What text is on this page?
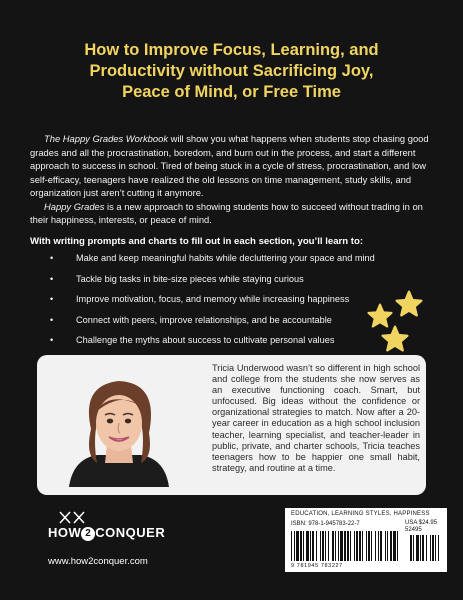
How to Improve Focus, Learning, and
Productivity without Sacrificing Joy,
Peace of Mind, or Free Time

The Happy Grades Workbook will show you what happens when students stop chasing good grades and all the procrastination, boredom, and burn out in the process, and start a different approach to success in school. Tired of being stuck in a cycle of stress, procrastination, and low self-efficacy, teenagers have realized the old lessons on time management, study skills, and organization just aren’t cutting it anymore.

Happy Grades is a new approach to showing students how to succeed without trading in on their happiness, interests, or peace of mind.

With writing prompts and charts to fill out in each section, you’ll learn to:
• Make and keep meaningful habits while decluttering your space and mind
• Tackle big tasks in bite-size pieces while staying curious
• Improve motivation, focus, and memory while increasing happiness
• Connect with peers, improve relationships, and be accountable
• Challenge the myths about success to cultivate personal values
Tricia Underwood wasn’t so different in high school and college from the students she now serves as an executive functioning coach. Smart, but unfocused. Big ideas without the confidence or organizational strategies to match. Now after a 20-year career in education as a high school inclusion teacher, learning specialist, and teacher-leader in public, private, and charter schools, Tricia teaches teenagers how to be happier one small habit, strategy, and routine at a time.
HOW 2 CONQUER
www.how2conquer.com
EDUCATION, LEARNING STYLES, HAPPINESS
ISBN: 978-1-945783-22-7	USA $24.95
52495
9 781945 783227
